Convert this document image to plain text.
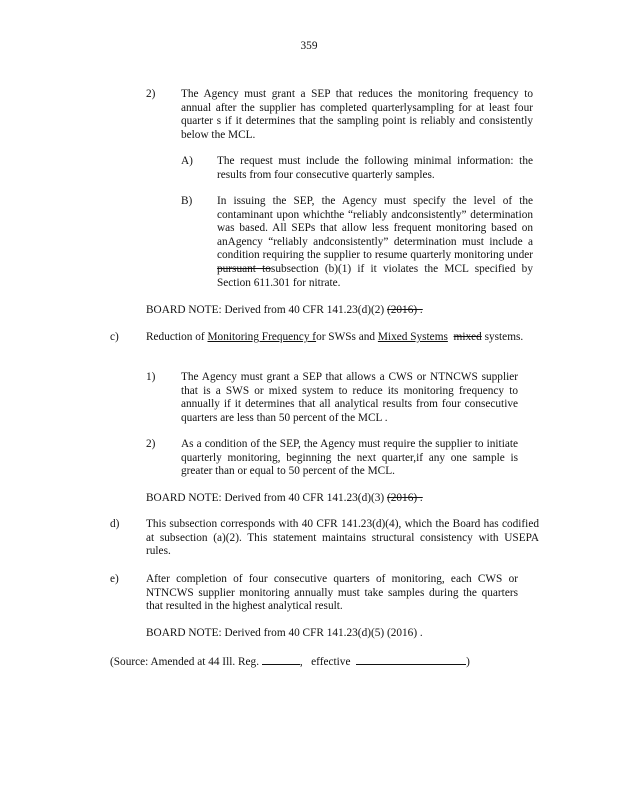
359
2) The Agency must grant a SEP that reduces the monitoring frequency to annual after the supplier has completed quarterlysampling for at least four quarter s if it determines that the sampling point is reliably and consistently below the MCL.
A) The request must include the following minimal information: the results from four consecutive quarterly samples.
B) In issuing the SEP, the Agency must specify the level of the contaminant upon whichthe “reliably andconsistently” determination was based. All SEPs that allow less frequent monitoring based on anAgency “reliably andconsistently” determination must include a condition requiring the supplier to resume quarterly monitoring under pursuant tosubsection (b)(1) if it violates the MCL specified by Section 611.301 for nitrate.
BOARD NOTE: Derived from 40 CFR 141.23(d)(2) (2016) .
c) Reduction of Monitoring Frequency for SWSs and Mixed Systems mixed systems.
1) The Agency must grant a SEP that allows a CWS or NTNCWS supplier that is a SWS or mixed system to reduce its monitoring frequency to annually if it determines that all analytical results from four consecutive quarters are less than 50 percent of the MCL .
2) As a condition of the SEP, the Agency must require the supplier to initiate quarterly monitoring, beginning the next quarter,if any one sample is greater than or equal to 50 percent of the MCL.
BOARD NOTE: Derived from 40 CFR 141.23(d)(3) (2016) .
d) This subsection corresponds with 40 CFR 141.23(d)(4), which the Board has codified at subsection (a)(2). This statement maintains structural consistency with USEPA rules.
e) After completion of four consecutive quarters of monitoring, each CWS or NTNCWS supplier monitoring annually must take samples during the quarters that resulted in the highest analytical result.
BOARD NOTE: Derived from 40 CFR 141.23(d)(5) (2016) .
(Source: Amended at 44 Ill. Reg.	, effective	)
